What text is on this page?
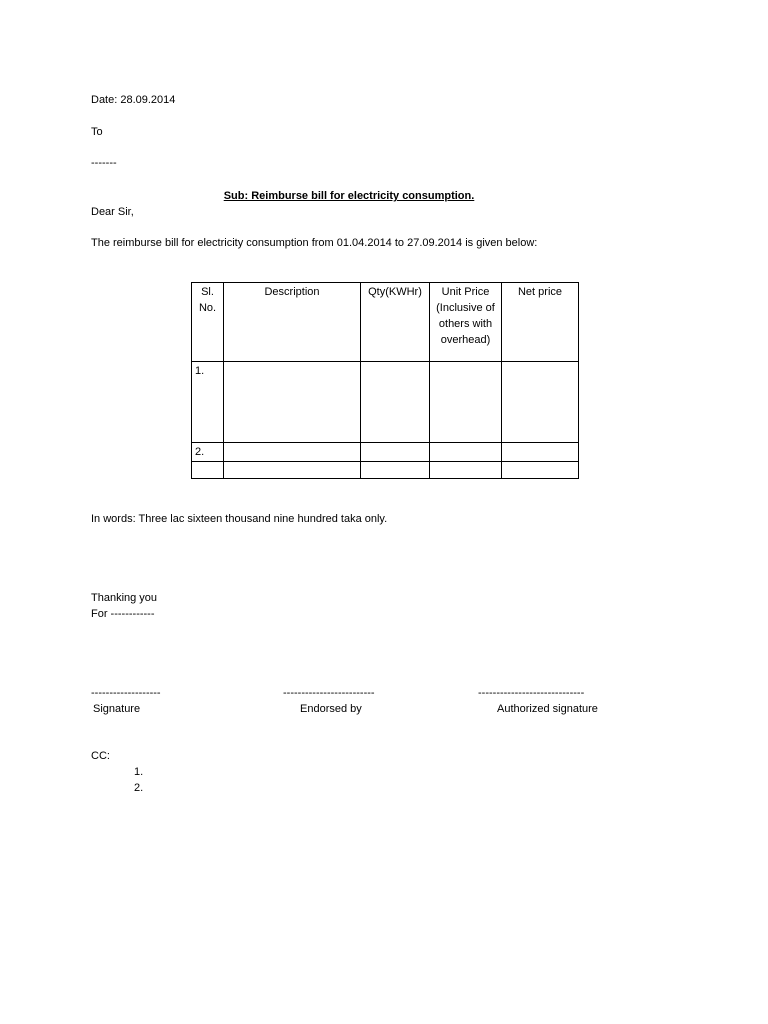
Date: 28.09.2014
To
-------
Sub: Reimburse bill for electricity consumption.
Dear Sir,
The reimburse bill for electricity consumption from 01.04.2014 to 27.09.2014 is given below:
Sl. No.	Description	Qty(KWHr)	Unit Price (Inclusive of others with overhead)	Net price
1.				
2.				

In words: Three lac sixteen thousand nine hundred taka only.
Thanking you
For ------------
-------------------
Signature
-------------------------
Endorsed by
-----------------------------
Authorized signature
CC:
1.
2.
